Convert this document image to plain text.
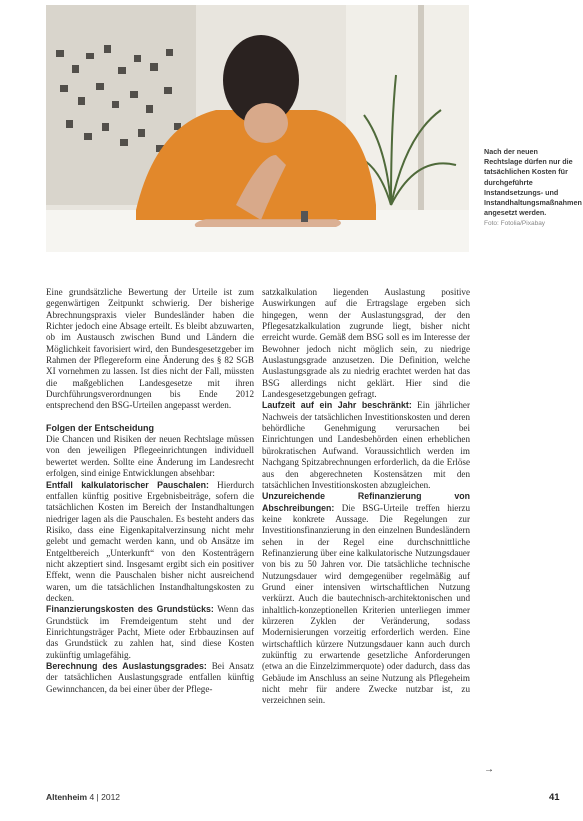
Nach der neuen Rechtslage dürfen nur die tatsächlichen Kosten für durchgeführte Instandsetzungs- und Instandhaltungsmaßnahmen angesetzt werden.
Foto: Fotolia/Pixabay

Eine grundsätzliche Bewertung der Urteile ist zum gegenwärtigen Zeitpunkt schwierig. Der bisherige Abrechnungspraxis vieler Bundesländer haben die Richter jedoch eine Absage erteilt. Es bleibt abzuwarten, ob im Austausch zwischen Bund und Ländern die Möglichkeit favorisiert wird, den Bundesgesetzgeber im Rahmen der Pflegereform eine Änderung des § 82 SGB XI vornehmen zu lassen. Ist dies nicht der Fall, müssten die maßgeblichen Landesgesetze mit ihren Durchführungsverordnungen bis Ende 2012 entsprechend den BSG-Urteilen angepasst werden.

Folgen der Entscheidung

Die Chancen und Risiken der neuen Rechtslage müssen von den jeweiligen Pflegeeinrichtungen individuell bewertet werden. Sollte eine Änderung im Landesrecht erfolgen, sind einige Entwicklungen absehbar:

Entfall kalkulatorischer Pauschalen: Hierdurch entfallen künftig positive Ergebnisbeiträge, sofern die tatsächlichen Kosten im Bereich der Instandhaltungen niedriger lagen als die Pauschalen. Es besteht anders das Risiko, dass eine Eigenkapitalverzinsung nicht mehr gelebt und gemacht werden kann, und ob Ansätze im Entgeltbereich „Unterkunft“ von den Kostenträgern nicht akzeptiert sind. Insgesamt ergibt sich ein positiver Effekt, wenn die Pauschalen bisher nicht ausreichend waren, um die tatsächlichen Instandhaltungskosten zu decken.

Finanzierungskosten des Grundstücks: Wenn das Grundstück im Fremdeigentum steht und der Einrichtungsträger Pacht, Miete oder Erbbauzinsen auf das Grundstück zu zahlen hat, sind diese Kosten zukünftig umlagefähig.

Berechnung des Auslastungsgrades: Bei Ansatz der tatsächlichen Auslastungsgrade entfallen künftig Gewinnchancen, da bei einer über der Pflege-

satzkalkulation liegenden Auslastung positive Auswirkungen auf die Ertragslage ergeben sich hingegen, wenn der Auslastungsgrad, der den Pflegesatzkalkulation zugrunde liegt, bisher nicht erreicht wurde. Gemäß dem BSG soll es im Interesse der Bewohner jedoch nicht möglich sein, zu niedrige Auslastungsgrade anzusetzen. Die Definition, welche Auslastungsgrade als zu niedrig erachtet werden hat das BSG allerdings nicht geklärt. Hier sind die Landesgesetzgebungen gefragt.

Laufzeit auf ein Jahr beschränkt: Ein jährlicher Nachweis der tatsächlichen Investitionskosten und deren behördliche Genehmigung verursachen bei Einrichtungen und Landesbehörden einen erheblichen bürokratischen Aufwand. Voraussichtlich werden im Nachgang Spitzabrechnungen erforderlich, da die Erlöse aus den abgerechneten Kostensätzen mit den tatsächlichen Investitionskosten abzugleichen.

Unzureichende Refinanzierung von Abschreibungen: Die BSG-Urteile treffen hierzu keine konkrete Aussage. Die Regelungen zur Investitionsfinanzierung in den einzelnen Bundesländern sehen in der Regel eine durchschnittliche Refinanzierung über eine kalkulatorische Nutzungsdauer von bis zu 50 Jahren vor. Die tatsächliche technische Nutzungsdauer wird demgegenüber regelmäßig auf Grund einer intensiven wirtschaftlichen Nutzung verkürzt. Auch die bautechnisch-architektonischen und inhaltlich-konzeptionellen Kriterien unterliegen immer kürzeren Zyklen der Veränderung, sodass Modernisierungen vorzeitig erforderlich werden. Eine wirtschaftlich kürzere Nutzungsdauer kann auch durch zukünftig zu erwartende gesetzliche Anforderungen (etwa an die Einzelzimmerquote) oder dadurch, dass das Gebäude im Anschluss an seine Nutzung als Pflegeheim nicht mehr für andere Zwecke nutzbar ist, zu verzeichnen sein.

→
Altenheim 4 | 2012	41
